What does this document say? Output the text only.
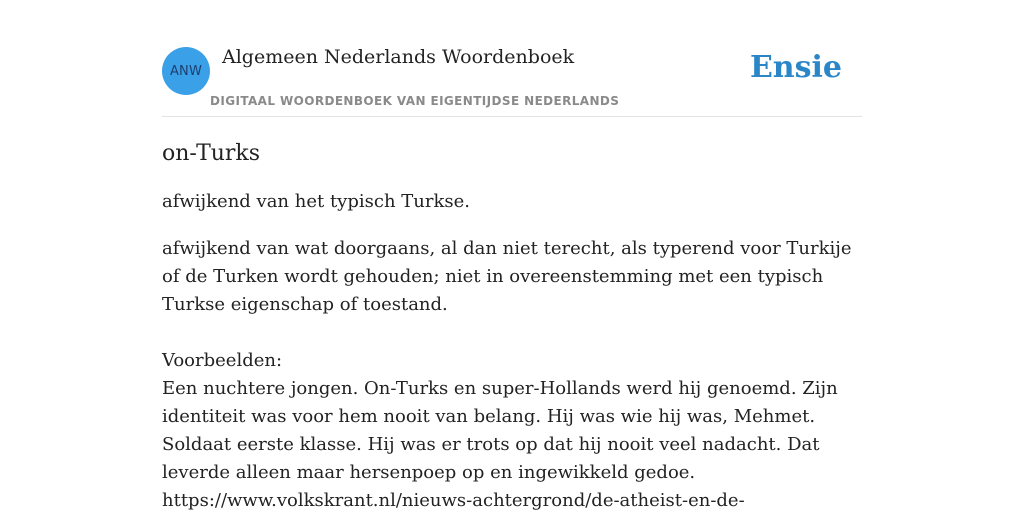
ANW
Algemeen Nederlands Woordenboek
DIGITAAL WOORDENBOEK VAN EIGENTIJDSE NEDERLANDS
Ensie
on-Turks

afwijkend van het typisch Turkse.

afwijkend van wat doorgaans, al dan niet terecht, als typerend voor Turkije of de Turken wordt gehouden; niet in overeenstemming met een typisch Turkse eigenschap of toestand.

Voorbeelden:
Een nuchtere jongen. On-Turks en super-Hollands werd hij genoemd. Zijn identiteit was voor hem nooit van belang. Hij was wie hij was, Mehmet. Soldaat eerste klasse. Hij was er trots op dat hij nooit veel nadacht. Dat leverde alleen maar hersenpoep op en ingewikkeld gedoe.
https://www.volkskrant.nl/nieuws-achtergrond/de-atheist-en-de-
